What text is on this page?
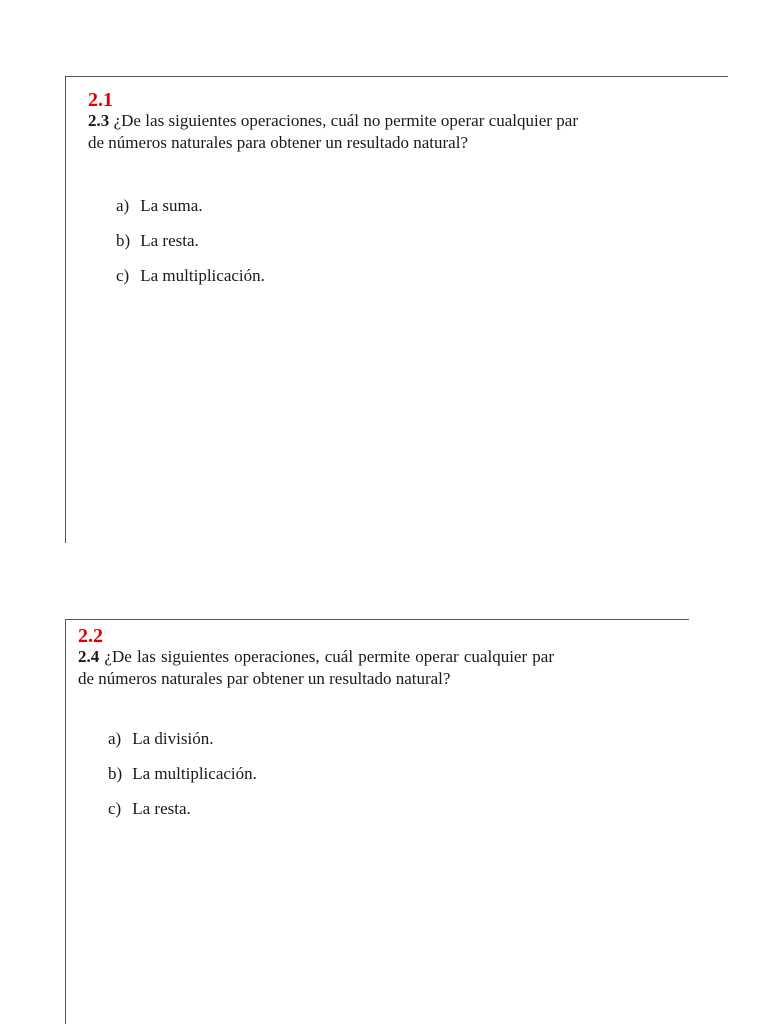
2.1
2.3 ¿De las siguientes operaciones, cuál no permite operar cualquier par de números naturales para obtener un resultado natural?
a) La suma.
b) La resta.
c) La multiplicación.
2.2
2.4 ¿De las siguientes operaciones, cuál permite operar cualquier par de números naturales par obtener un resultado natural?
a) La división.
b) La multiplicación.
c) La resta.
